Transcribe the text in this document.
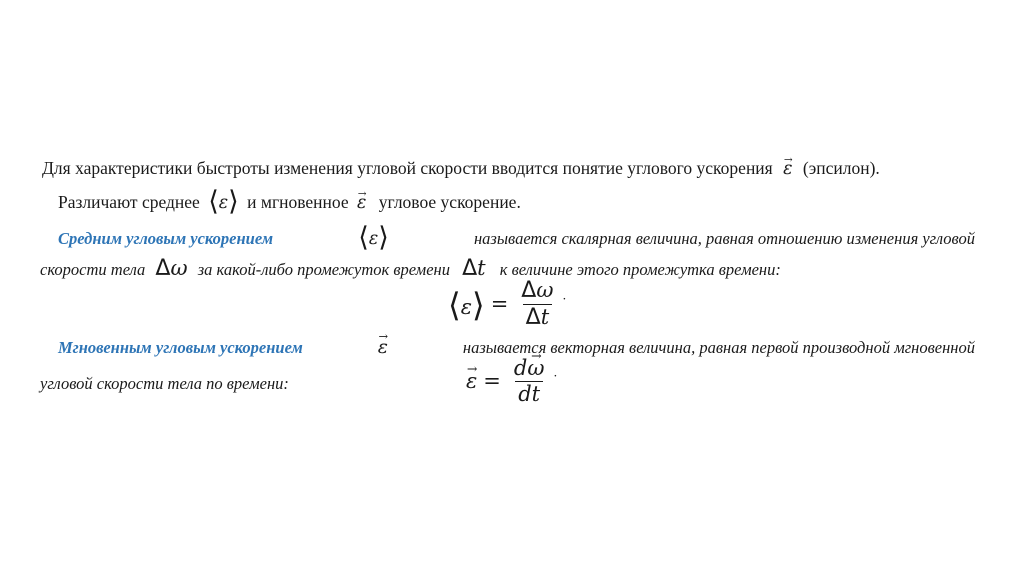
Для характеристики быстроты изменения угловой скорости вводится понятие углового ускорения → ε (эпсилон).
Различают среднее ⟨ε⟩ и мгновенное → ε угловое ускорение.
Средним угловым ускорением	⟨ε⟩	называется скалярная величина, равная отношению изменения угловой
скорости тела Δω за какой-либо промежуток времени Δt к величине этого промежутка времени:
⟨ε⟩ = $\frac{\Delta\omega}{\Delta t}$ ·
Мгновенным угловым ускорением	→ ε	называется векторная величина, равная первой производной мгновенной
угловой скорости тела по времени:	→ $\varepsilon = \frac{d\to \omega}{dt}$ ·
